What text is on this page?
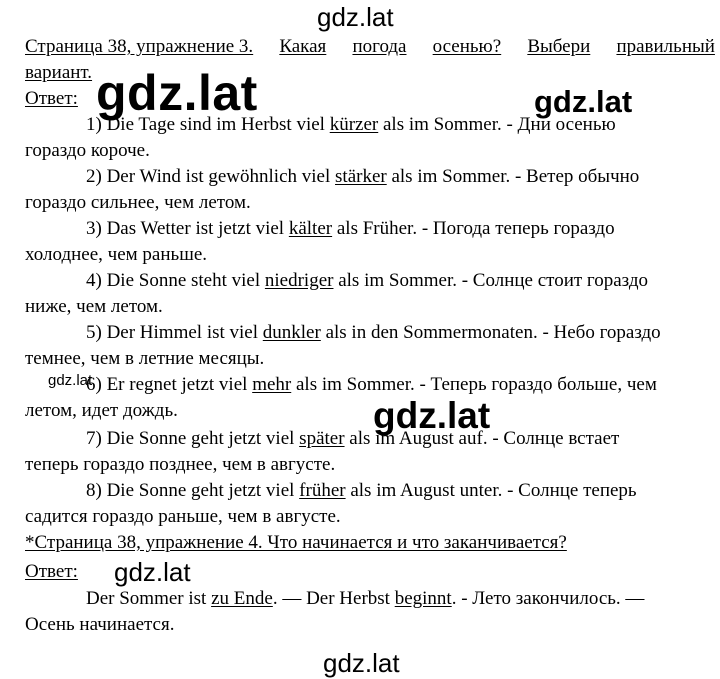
gdz.lat
Страница 38, упражнение 3. Какая погода осенью? Выбери правильный
вариант.
Ответ: gdz.lat	gdz.lat
1) Die Tage sind im Herbst viel kürzer als im Sommer. - Дни осенью
гораздо короче.
2) Der Wind ist gewöhnlich viel stärker als im Sommer. - Ветер обычно
гораздо сильнее, чем летом.
3) Das Wetter ist jetzt viel kälter als Früher. - Погода теперь гораздо
холоднее, чем раньше.
4) Die Sonne steht viel niedriger als im Sommer. - Солнце стоит гораздо
ниже, чем летом.
5) Der Himmel ist viel dunkler als in den Sommermonaten. - Небо гораздо
темнее, чем в летние месяцы.
6) Er regnet jetzt viel mehr als im Sommer. - Теперь гораздо больше, чем
летом, идет дождь.
gdz.lat
gdz.lat
7) Die Sonne geht jetzt viel später als im August auf. - Солнце встает
теперь гораздо позднее, чем в августе.
8) Die Sonne geht jetzt viel früher als im August unter. - Солнце теперь
садится гораздо раньше, чем в августе.
*Страница 38, упражнение 4. Что начинается и что заканчивается?
Ответ: gdz.lat
Der Sommer ist zu Ende. — Der Herbst beginnt. - Лето закончилось. —
Осень начинается.
gdz.lat
